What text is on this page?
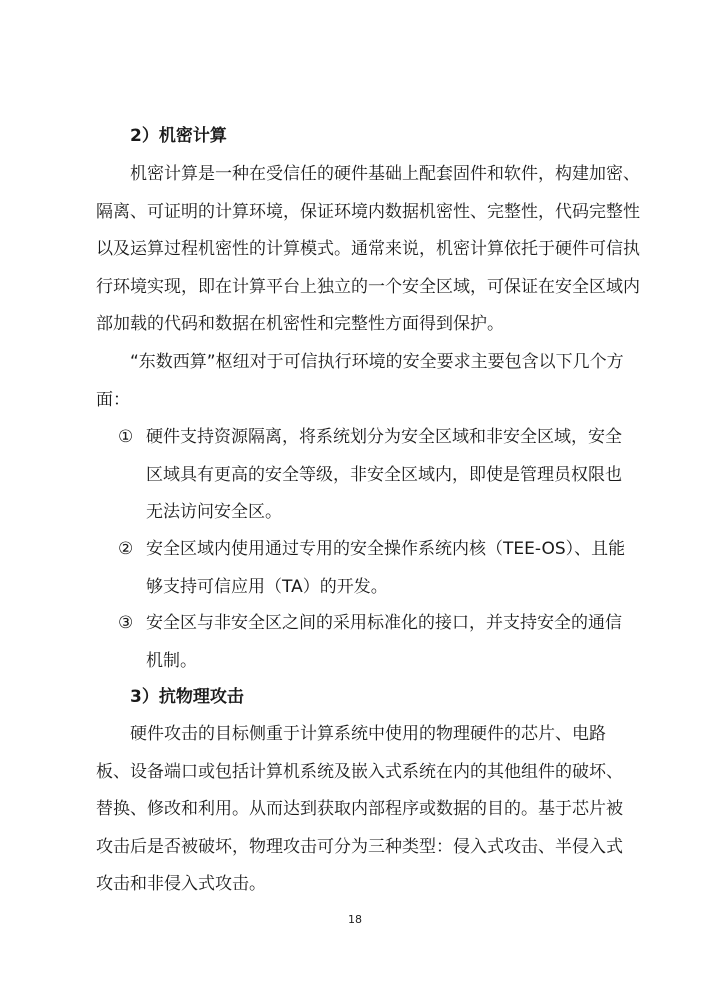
2）机密计算

机密计算是一种在受信任的硬件基础上配套固件和软件，构建加密、
隔离、可证明的计算环境，保证环境内数据机密性、完整性，代码完整性
以及运算过程机密性的计算模式。通常来说，机密计算依托于硬件可信执
行环境实现，即在计算平台上独立的一个安全区域，可保证在安全区域内
部加载的代码和数据在机密性和完整性方面得到保护。

“东数西算”枢纽对于可信执行环境的安全要求主要包含以下几个方
面：

① 硬件支持资源隔离，将系统划分为安全区域和非安全区域，安全
区域具有更高的安全等级，非安全区域内，即使是管理员权限也
无法访问安全区。
② 安全区域内使用通过专用的安全操作系统内核（TEE-OS）、且能
够支持可信应用（TA）的开发。
③ 安全区与非安全区之间的采用标准化的接口，并支持安全的通信
机制。
3）抗物理攻击

硬件攻击的目标侧重于计算系统中使用的物理硬件的芯片、电路
板、设备端口或包括计算机系统及嵌入式系统在内的其他组件的破坏、
替换、修改和利用。从而达到获取内部程序或数据的目的。基于芯片被
攻击后是否被破坏，物理攻击可分为三种类型：侵入式攻击、半侵入式
攻击和非侵入式攻击。

18
